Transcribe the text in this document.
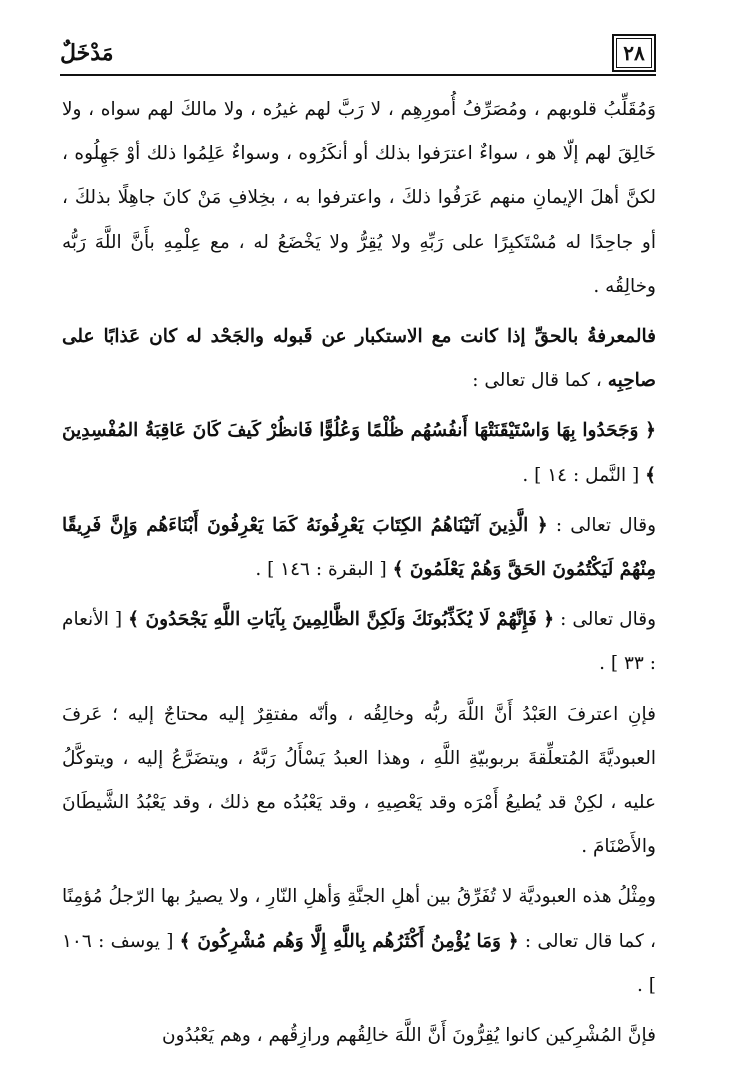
٢٨
مَدْخَلٌ

وَمُقَلِّبُ قلوبهم ، ومُصَرِّفُ أُمورِهِم ، لا رَبَّ لهم غيرُه ، ولا مالكَ لهم سواه ، ولا خَالِقَ لهم إلّا هو ، سواءٌ اعترَفوا بذلك أو أنكَرُوه ، وسواءٌ عَلِمُوا ذلك أوْ جَهِلُوه ، لكنَّ أهلَ الإيمانِ منهم عَرَفُوا ذلكَ ، واعترفوا به ، بخِلافِ مَنْ كانَ جاهِلًا بذلكَ ، أو جاحِدًا له مُسْتَكبِرًا على رَبِّهِ ولا يُقِرُّ ولا يَخْضَعُ له ، مع عِلْمِهِ بأَنَّ اللَّهَ رَبُّه وخالِقُه .

فالمعرفةُ بالحقِّ إذا كانت مع الاستكبار عن قَبوله والجَحْد له كان عَذابًا على صاحِبِه ، كما قال تعالى :

﴿ وَجَحَدُوا بِهَا وَاسْتَيْقَنَتْهَا أَنفُسُهُم ظُلْمًا وَعُلُوًّا فَانظُرْ كَيفَ كَانَ عَاقِبَةُ المُفْسِدِينَ ﴾ [ النَّمل : ١٤ ] .

وقال تعالى : ﴿ الَّذِينَ آتَيْنَاهُمُ الكِتَابَ يَعْرِفُونَهُ كَمَا يَعْرِفُونَ أَبْنَاءَهُم وَإِنَّ فَرِيقًا مِنْهُمْ لَيَكْتُمُونَ الحَقَّ وَهُمْ يَعْلَمُونَ ﴾ [ البقرة : ١٤٦ ] .

وقال تعالى : ﴿ فَإِنَّهُمْ لَا يُكَذِّبُونَكَ وَلَكِنَّ الظَّالِمِينَ بِآيَاتِ اللَّهِ يَجْحَدُونَ ﴾ [ الأنعام : ٣٣ ] .

فإنِ اعترفَ العَبْدُ أَنَّ اللَّهَ ربُّه وخالِقُه ، وأنّه مفتقِرٌ إليه محتاجٌ إليه ؛ عَرفَ العبوديَّةَ المُتعلِّقةَ بربوبيّةِ اللَّهِ ، وهذا العبدُ يَسْأَلُ رَبَّهُ ، ويتضَرَّعُ إليه ، ويتوكَّلُ عليه ، لكِنْ قد يُطيعُ أَمْرَه وقد يَعْصِيهِ ، وقد يَعْبُدُه مع ذلك ، وقد يَعْبُدُ الشَّيطَانَ والأَصْنَامَ .

ومِثْلُ هذه العبوديَّة لا تُفَرِّقُ بين أهلِ الجنَّةِ وَأهلِ النّارِ ، ولا يصيرُ بها الرّجلُ مُؤمِنًا ، كما قال تعالى : ﴿ وَمَا يُؤْمِنُ أَكْثَرُهُم بِاللَّهِ إِلَّا وَهُم مُشْرِكُونَ ﴾ [ يوسف : ١٠٦ ] .

فإنَّ المُشْرِكين كانوا يُقِرُّونَ أَنَّ اللَّهَ خالِقُهم ورازِقُهم ، وهم يَعْبُدُون
